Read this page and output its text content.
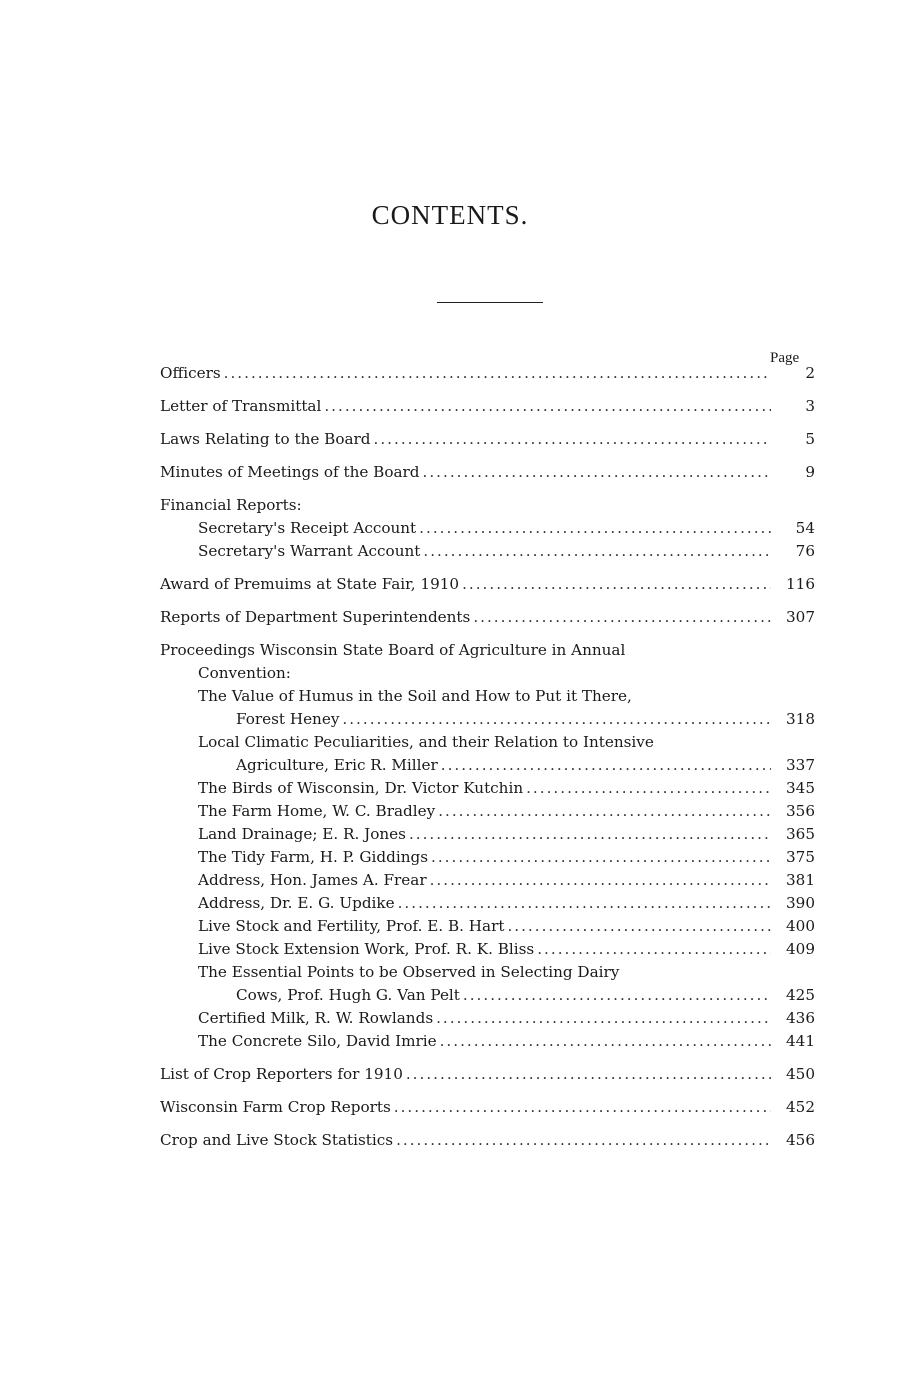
CONTENTS.
Page
Officers .....	2
Letter of Transmittal .....	3
Laws Relating to the Board .....	5
Minutes of Meetings of the Board .....	9
Financial Reports:
Secretary's Receipt Account .....	54
Secretary's Warrant Account .....	76
Award of Premuims at State Fair, 1910 .....	116
Reports of Department Superintendents .....	307
Proceedings Wisconsin State Board of Agriculture in Annual
Convention:
The Value of Humus in the Soil and How to Put it There,
Forest Heney .....	318
Local Climatic Peculiarities, and their Relation to Intensive
Agriculture, Eric R. Miller .....	337
The Birds of Wisconsin, Dr. Victor Kutchin .....	345
The Farm Home, W. C. Bradley .....	356
Land Drainage; E. R. Jones .....	365
The Tidy Farm, H. P. Giddings .....	375
Address, Hon. James A. Frear .....	381
Address, Dr. E. G. Updike .....	390
Live Stock and Fertility, Prof. E. B. Hart .....	400
Live Stock Extension Work, Prof. R. K. Bliss .....	409
The Essential Points to be Observed in Selecting Dairy
Cows, Prof. Hugh G. Van Pelt .....	425
Certified Milk, R. W. Rowlands .....	436
The Concrete Silo, David Imrie .....	441
List of Crop Reporters for 1910 .....	450
Wisconsin Farm Crop Reports .....	452
Crop and Live Stock Statistics .....	456
